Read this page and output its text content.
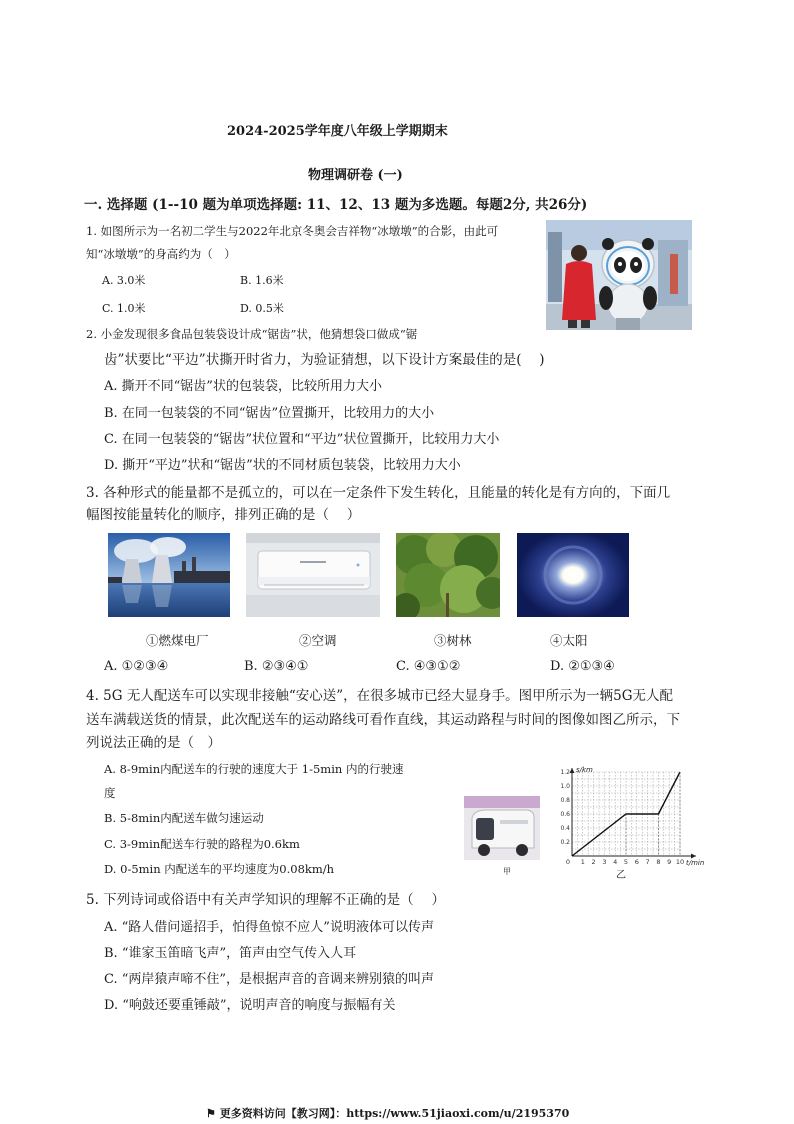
2024-2025学年度八年级上学期期末
物理调研卷 (一)
一. 选择题 (1--10 题为单项选择题: 11、12、13 题为多选题。每题2分, 共26分)
1. 如图所示为一名初二学生与2022年北京冬奥会吉祥物“冰墩墩”的合影，由此可
知“冰墩墩”的身高约为（　）
A. 3.0米	B. 1.6米
C. 1.0米	D. 0.5米
2. 小金发现很多食品包装袋设计成“锯齿”状，他猜想袋口做成“锯
齿”状要比“平边”状撕开时省力，为验证猜想，以下设计方案最佳的是(　 )
A. 撕开不同“锯齿”状的包装袋，比较所用力大小
B. 在同一包装袋的不同“锯齿”位置撕开，比较用力的大小
C. 在同一包装袋的“锯齿”状位置和“平边”状位置撕开，比较用力大小
D. 撕开“平边”状和“锯齿”状的不同材质包装袋，比较用力大小
3. 各种形式的能量都不是孤立的，可以在一定条件下发生转化，且能量的转化是有方向的，下面几
幅图按能量转化的顺序，排列正确的是（　 ）
①燃煤电厂	②空调	③树林	④太阳
A. ①②③④	B. ②③④①	C. ④③①②	D. ②①③④
4. 5G 无人配送车可以实现非接触“安心送”，在很多城市已经大显身手。图甲所示为一辆5G无人配
送车满载送货的情景，此次配送车的运动路线可看作直线，其运动路程与时间的图像如图乙所示，下
列说法正确的是（　）
A. 8-9min内配送车的行驶的速度大于 1-5min 内的行驶速
度
B. 5-8min内配送车做匀速运动
C. 3-9min配送车行驶的路程为0.6km
D. 0-5min 内配送车的平均速度为0.08km/h	甲
s/km
t/min
1.2
1.0
0.8
0.6
0.4
0.2
0 1 2 3 4 5 6 7 8 9 10
乙
5. 下列诗词或俗语中有关声学知识的理解不正确的是（　 ）
A. “路人借问遥招手，怕得鱼惊不应人”说明液体可以传声
B. “谁家玉笛暗飞声”，笛声由空气传入人耳
C. “两岸猿声啼不住”，是根据声音的音调来辨别猿的叫声
D. “响鼓还要重锤敲”，说明声音的响度与振幅有关
⚑ 更多资料访问【教习网】：https://www.51jiaoxi.com/u/2195370
